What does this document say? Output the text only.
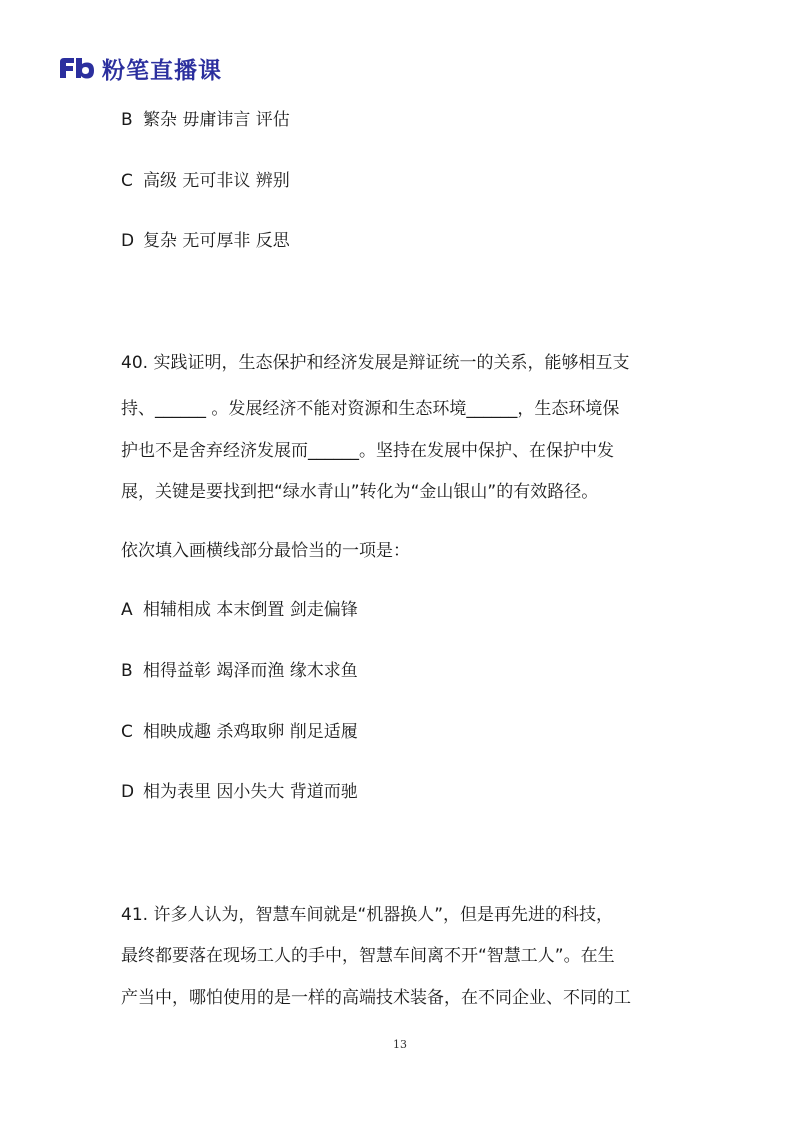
粉笔直播课
B 繁杂 毋庸讳言 评估
C 高级 无可非议 辨别
D 复杂 无可厚非 反思
40. 实践证明，生态保护和经济发展是辩证统一的关系，能够相互支
持、______ 。发展经济不能对资源和生态环境______，生态环境保
护也不是舍弃经济发展而______。坚持在发展中保护、在保护中发
展，关键是要找到把“绿水青山”转化为“金山银山”的有效路径。
依次填入画横线部分最恰当的一项是：
A 相辅相成 本末倒置 剑走偏锋
B 相得益彰 竭泽而渔 缘木求鱼
C 相映成趣 杀鸡取卵 削足适履
D 相为表里 因小失大 背道而驰
41. 许多人认为，智慧车间就是“机器换人”，但是再先进的科技，
最终都要落在现场工人的手中，智慧车间离不开“智慧工人”。在生
产当中，哪怕使用的是一样的高端技术装备，在不同企业、不同的工
13
